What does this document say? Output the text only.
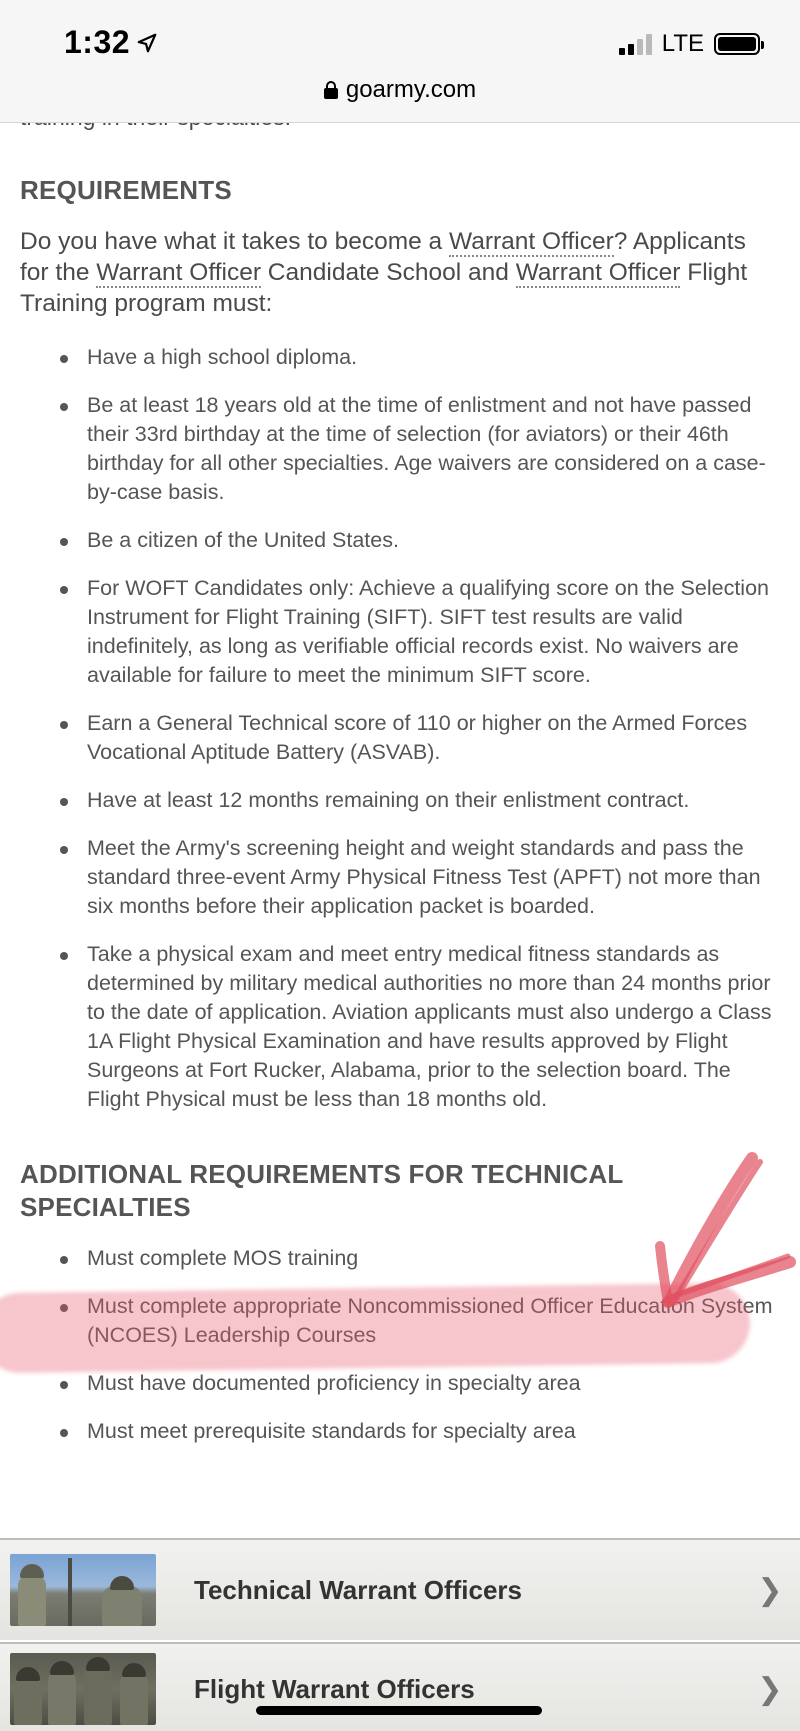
1:32	LTE
goarmy.com
REQUIREMENTS

Do you have what it takes to become a Warrant Officer? Applicants for the Warrant Officer Candidate School and Warrant Officer Flight Training program must:

Have a high school diploma.
Be at least 18 years old at the time of enlistment and not have passed their 33rd birthday at the time of selection (for aviators) or their 46th birthday for all other specialties. Age waivers are considered on a case-by-case basis.
Be a citizen of the United States.
For WOFT Candidates only: Achieve a qualifying score on the Selection Instrument for Flight Training (SIFT). SIFT test results are valid indefinitely, as long as verifiable official records exist. No waivers are available for failure to meet the minimum SIFT score.
Earn a General Technical score of 110 or higher on the Armed Forces Vocational Aptitude Battery (ASVAB).
Have at least 12 months remaining on their enlistment contract.
Meet the Army's screening height and weight standards and pass the standard three-event Army Physical Fitness Test (APFT) not more than six months before their application packet is boarded.
Take a physical exam and meet entry medical fitness standards as determined by military medical authorities no more than 24 months prior to the date of application. Aviation applicants must also undergo a Class 1A Flight Physical Examination and have results approved by Flight Surgeons at Fort Rucker, Alabama, prior to the selection board. The Flight Physical must be less than 18 months old.
ADDITIONAL REQUIREMENTS FOR TECHNICAL SPECIALTIES
Must complete MOS training
Must complete appropriate Noncommissioned Officer Education System (NCOES) Leadership Courses
Must have documented proficiency in specialty area
Must meet prerequisite standards for specialty area
Technical Warrant Officers	❯
Flight Warrant Officers	❯
